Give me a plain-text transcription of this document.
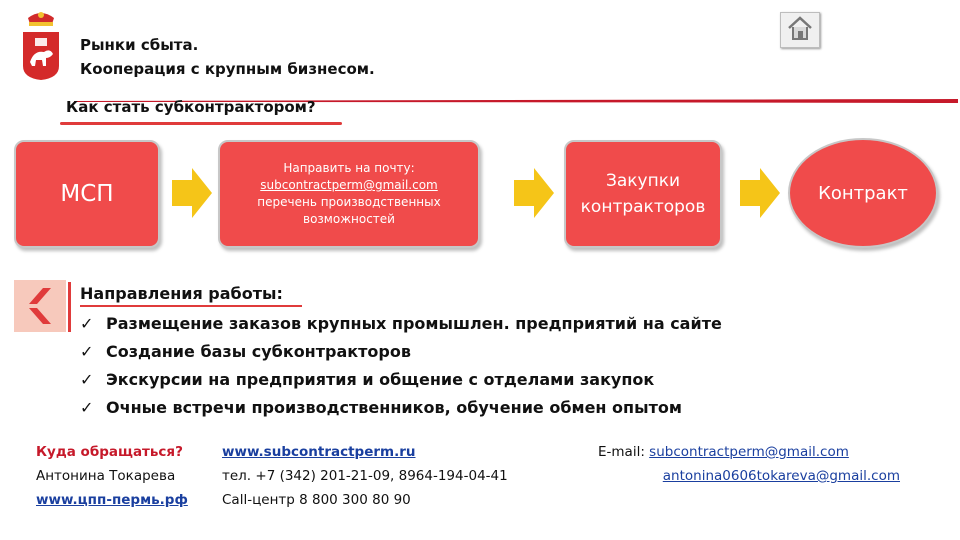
Рынки сбыта.
Кооперация с крупным бизнесом.
Как стать субконтрактором?
МСП
Направить на почту:
subcontractperm@gmail.com
перечень производственных
возможностей
Закупки
контракторов
Контракт
Направления работы:
✓ Размещение заказов крупных промышлен. предприятий на сайте
✓ Создание базы субконтракторов
✓ Экскурсии на предприятия и общение с отделами закупок
✓ Очные встречи производственников, обучение обмен опытом
Куда обращаться?
Антонина Токарева
www.цпп-пермь.рф
www.subcontractperm.ru
тел. +7 (342) 201-21-09, 8964-194-04-41
Call-центр 8 800 300 80 90
E-mail: subcontractperm@gmail.com
antonina0606tokareva@gmail.com
